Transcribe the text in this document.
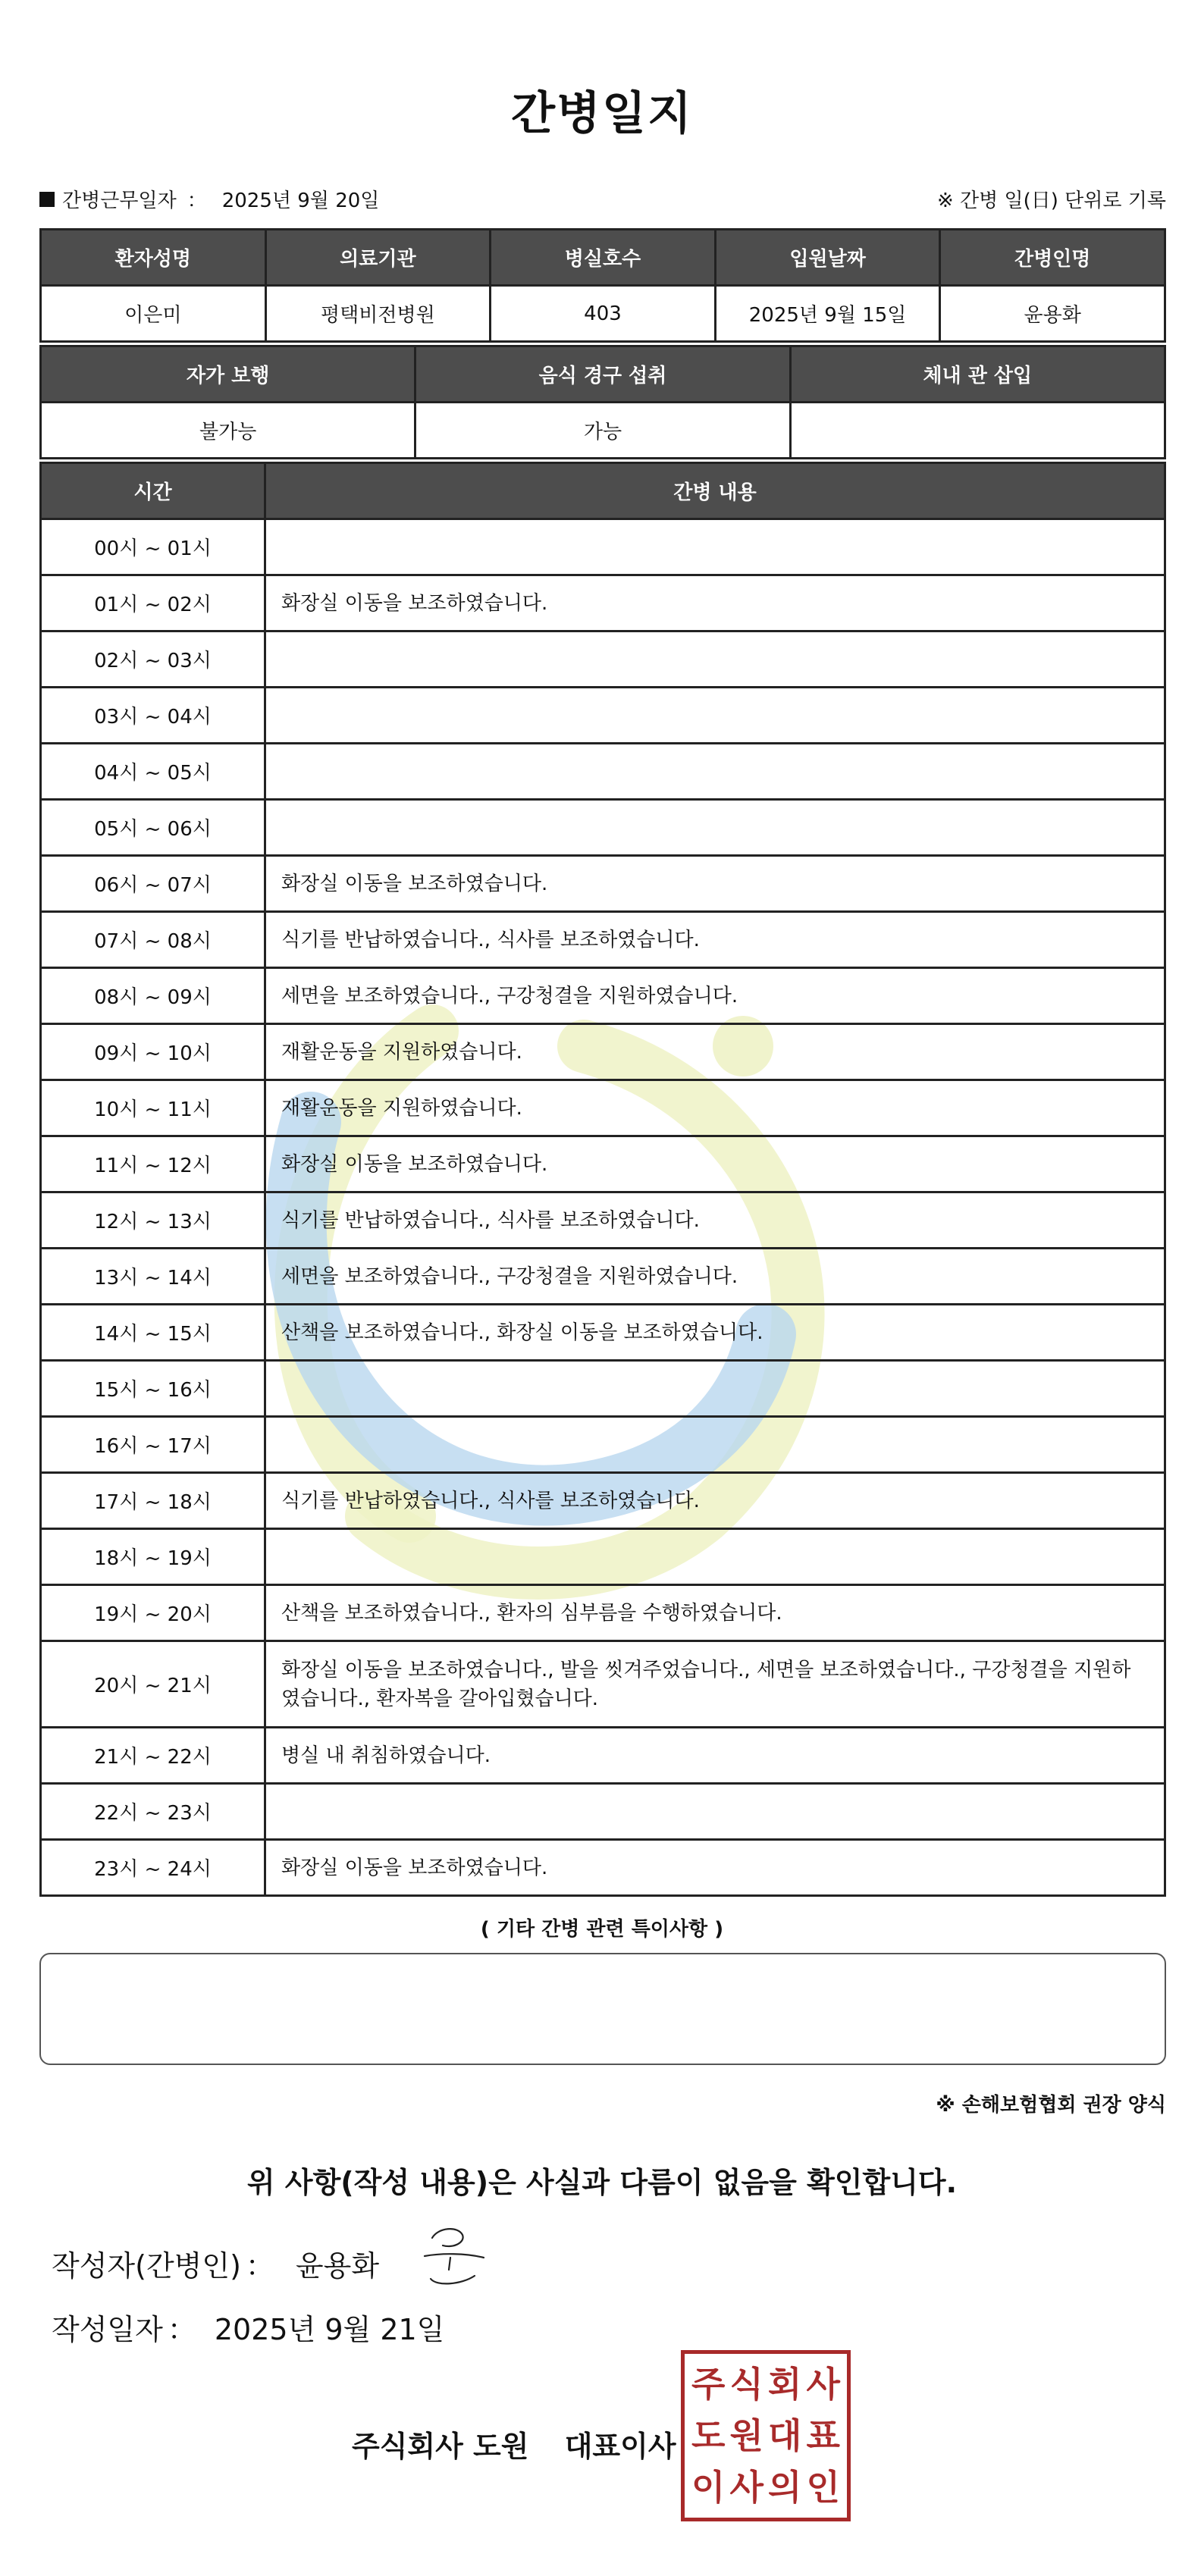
간병일지
간병근무일자 ： 2025년 9월 20일	※ 간병 일(日) 단위로 기록
환자성명	의료기관	병실호수	입원날짜	간병인명
이은미	평택비전병원	403	2025년 9월 15일	윤용화
자가 보행	음식 경구 섭취	체내 관 삽입
불가능	가능	
시간	간병 내용
00시 ~ 01시	
01시 ~ 02시	화장실 이동을 보조하였습니다.
02시 ~ 03시	
03시 ~ 04시	
04시 ~ 05시	
05시 ~ 06시	
06시 ~ 07시	화장실 이동을 보조하였습니다.
07시 ~ 08시	식기를 반납하였습니다., 식사를 보조하였습니다.
08시 ~ 09시	세면을 보조하였습니다., 구강청결을 지원하였습니다.
09시 ~ 10시	재활운동을 지원하였습니다.
10시 ~ 11시	재활운동을 지원하였습니다.
11시 ~ 12시	화장실 이동을 보조하였습니다.
12시 ~ 13시	식기를 반납하였습니다., 식사를 보조하였습니다.
13시 ~ 14시	세면을 보조하였습니다., 구강청결을 지원하였습니다.
14시 ~ 15시	산책을 보조하였습니다., 화장실 이동을 보조하였습니다.
15시 ~ 16시	
16시 ~ 17시	
17시 ~ 18시	식기를 반납하였습니다., 식사를 보조하였습니다.
18시 ~ 19시	
19시 ~ 20시	산책을 보조하였습니다., 환자의 심부름을 수행하였습니다.
20시 ~ 21시	화장실 이동을 보조하였습니다., 발을 씻겨주었습니다., 세면을 보조하였습니다., 구강청결을 지원하였습니다., 환자복을 갈아입혔습니다.
21시 ~ 22시	병실 내 취침하였습니다.
22시 ~ 23시	
23시 ~ 24시	화장실 이동을 보조하였습니다.
( 기타 간병 관련 특이사항 )
※ 손해보험협회 권장 양식
위 사항(작성 내용)은 사실과 다름이 없음을 확인합니다.
작성자(간병인) ： 윤용화
작성일자 ： 2025년 9월 21일
주식회사 도원 대표이사
주 식 회 사
도 원 대 표
이 사 의 인
